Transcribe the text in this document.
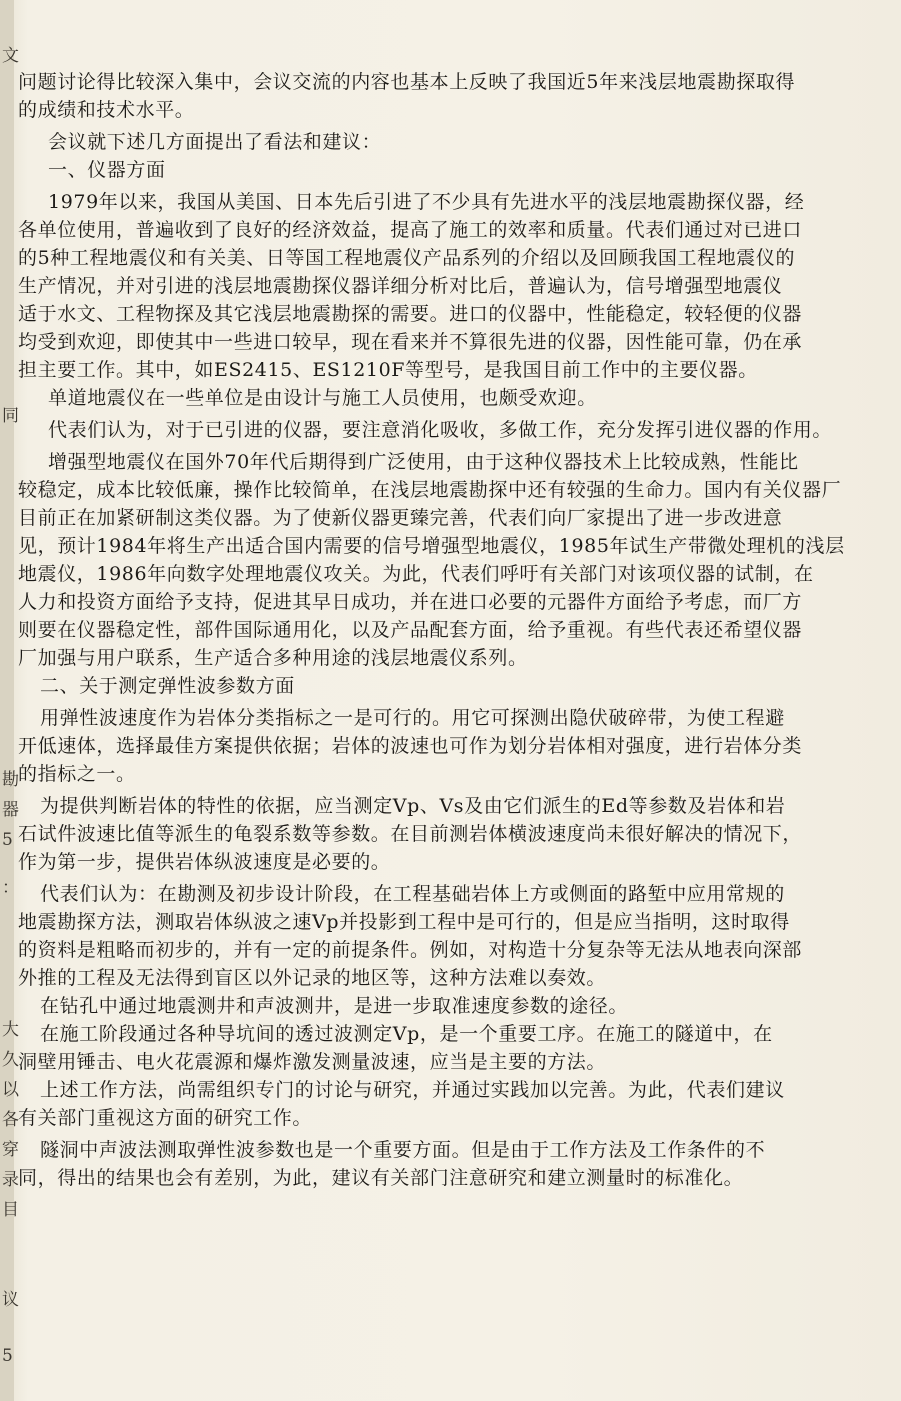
文
同
勘
器
5
：
大
久
以
各
穿
录
目
议
5
问题讨论得比较深入集中，会议交流的内容也基本上反映了我国近5年来浅层地震勘探取得
的成绩和技术水平。
会议就下述几方面提出了看法和建议：
一、仪器方面
1979年以来，我国从美国、日本先后引进了不少具有先进水平的浅层地震勘探仪器，经
各单位使用，普遍收到了良好的经济效益，提高了施工的效率和质量。代表们通过对已进口
的5种工程地震仪和有关美、日等国工程地震仪产品系列的介绍以及回顾我国工程地震仪的
生产情况，并对引进的浅层地震勘探仪器详细分析对比后，普遍认为，信号增强型地震仪
适于水文、工程物探及其它浅层地震勘探的需要。进口的仪器中，性能稳定，较轻便的仪器
均受到欢迎，即使其中一些进口较早，现在看来并不算很先进的仪器，因性能可靠，仍在承
担主要工作。其中，如ES2415、ES1210F等型号，是我国目前工作中的主要仪器。
单道地震仪在一些单位是由设计与施工人员使用，也颇受欢迎。
代表们认为，对于已引进的仪器，要注意消化吸收，多做工作，充分发挥引进仪器的作用。
增强型地震仪在国外70年代后期得到广泛使用，由于这种仪器技术上比较成熟，性能比
较稳定，成本比较低廉，操作比较简单，在浅层地震勘探中还有较强的生命力。国内有关仪器厂
目前正在加紧研制这类仪器。为了使新仪器更臻完善，代表们向厂家提出了进一步改进意
见，预计1984年将生产出适合国内需要的信号增强型地震仪，1985年试生产带微处理机的浅层
地震仪，1986年向数字处理地震仪攻关。为此，代表们呼吁有关部门对该项仪器的试制，在
人力和投资方面给予支持，促进其早日成功，并在进口必要的元器件方面给予考虑，而厂方
则要在仪器稳定性，部件国际通用化，以及产品配套方面，给予重视。有些代表还希望仪器
厂加强与用户联系，生产适合多种用途的浅层地震仪系列。
二、关于测定弹性波参数方面
用弹性波速度作为岩体分类指标之一是可行的。用它可探测出隐伏破碎带，为使工程避
开低速体，选择最佳方案提供依据；岩体的波速也可作为划分岩体相对强度，进行岩体分类
的指标之一。
为提供判断岩体的特性的依据，应当测定Vp、Vs及由它们派生的Ed等参数及岩体和岩
石试件波速比值等派生的龟裂系数等参数。在目前测岩体横波速度尚未很好解决的情况下，
作为第一步，提供岩体纵波速度是必要的。
代表们认为：在勘测及初步设计阶段，在工程基础岩体上方或侧面的路堑中应用常规的
地震勘探方法，测取岩体纵波之速Vp并投影到工程中是可行的，但是应当指明，这时取得
的资料是粗略而初步的，并有一定的前提条件。例如，对构造十分复杂等无法从地表向深部
外推的工程及无法得到盲区以外记录的地区等，这种方法难以奏效。
在钻孔中通过地震测井和声波测井，是进一步取准速度参数的途径。
在施工阶段通过各种导坑间的透过波测定Vp，是一个重要工序。在施工的隧道中，在
洞壁用锤击、电火花震源和爆炸激发测量波速，应当是主要的方法。
上述工作方法，尚需组织专门的讨论与研究，并通过实践加以完善。为此，代表们建议
有关部门重视这方面的研究工作。
隧洞中声波法测取弹性波参数也是一个重要方面。但是由于工作方法及工作条件的不
同，得出的结果也会有差别，为此，建议有关部门注意研究和建立测量时的标准化。
